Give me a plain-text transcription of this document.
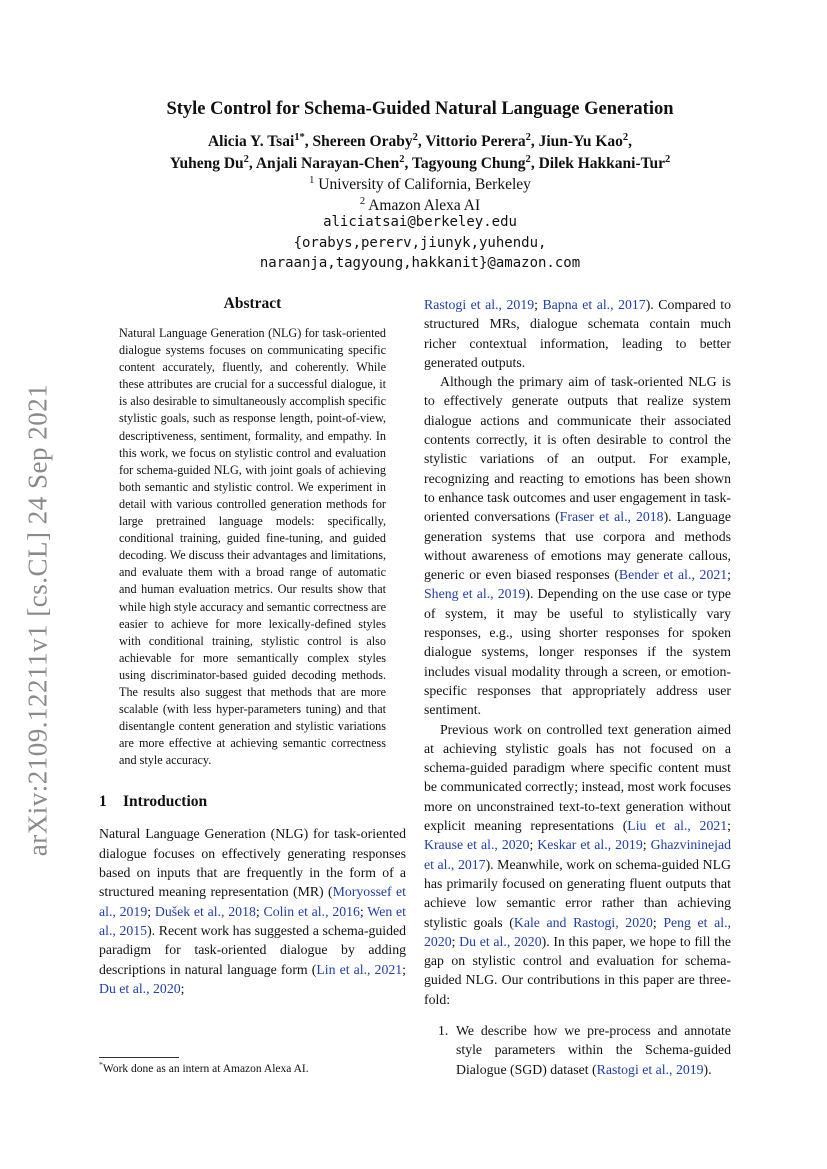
arXiv:2109.12211v1 [cs.CL] 24 Sep 2021
Style Control for Schema-Guided Natural Language Generation
Alicia Y. Tsai$^{1*}$, Shereen Oraby$^2$, Vittorio Perera$^2$, Jiun-Yu Kao$^2$,
Yuheng Du$^2$, Anjali Narayan-Chen$^2$, Tagyoung Chung$^2$, Dilek Hakkani-Tur$^2$
$^1$ University of California, Berkeley
$^2$ Amazon Alexa AI
aliciatsai@berkeley.edu
{orabys,pererv,jiunyk,yuhendu,
naraanja,tagyoung,hakkanit}@amazon.com
Abstract

Natural Language Generation (NLG) for task-oriented dialogue systems focuses on communicating specific content accurately, fluently, and coherently. While these attributes are crucial for a successful dialogue, it is also desirable to simultaneously accomplish specific stylistic goals, such as response length, point-of-view, descriptiveness, sentiment, formality, and empathy. In this work, we focus on stylistic control and evaluation for schema-guided NLG, with joint goals of achieving both semantic and stylistic control. We experiment in detail with various controlled generation methods for large pretrained language models: specifically, conditional training, guided fine-tuning, and guided decoding. We discuss their advantages and limitations, and evaluate them with a broad range of automatic and human evaluation metrics. Our results show that while high style accuracy and semantic correctness are easier to achieve for more lexically-defined styles with conditional training, stylistic control is also achievable for more semantically complex styles using discriminator-based guided decoding methods. The results also suggest that methods that are more scalable (with less hyper-parameters tuning) and that disentangle content generation and stylistic variations are more effective at achieving semantic correctness and style accuracy.

1 Introduction

Natural Language Generation (NLG) for task-oriented dialogue focuses on effectively generating responses based on inputs that are frequently in the form of a structured meaning representation (MR) (Moryossef et al., 2019; Dušek et al., 2018; Colin et al., 2016; Wen et al., 2015). Recent work has suggested a schema-guided paradigm for task-oriented dialogue by adding descriptions in natural language form (Lin et al., 2021; Du et al., 2020;

*Work done as an intern at Amazon Alexa AI.

Rastogi et al., 2019; Bapna et al., 2017). Compared to structured MRs, dialogue schemata contain much richer contextual information, leading to better generated outputs.

Although the primary aim of task-oriented NLG is to effectively generate outputs that realize system dialogue actions and communicate their associated contents correctly, it is often desirable to control the stylistic variations of an output. For example, recognizing and reacting to emotions has been shown to enhance task outcomes and user engagement in task-oriented conversations (Fraser et al., 2018). Language generation systems that use corpora and methods without awareness of emotions may generate callous, generic or even biased responses (Bender et al., 2021; Sheng et al., 2019). Depending on the use case or type of system, it may be useful to stylistically vary responses, e.g., using shorter responses for spoken dialogue systems, longer responses if the system includes visual modality through a screen, or emotion-specific responses that appropriately address user sentiment.

Previous work on controlled text generation aimed at achieving stylistic goals has not focused on a schema-guided paradigm where specific content must be communicated correctly; instead, most work focuses more on unconstrained text-to-text generation without explicit meaning representations (Liu et al., 2021; Krause et al., 2020; Keskar et al., 2019; Ghazvininejad et al., 2017). Meanwhile, work on schema-guided NLG has primarily focused on generating fluent outputs that achieve low semantic error rather than achieving stylistic goals (Kale and Rastogi, 2020; Peng et al., 2020; Du et al., 2020). In this paper, we hope to fill the gap on stylistic control and evaluation for schema-guided NLG. Our contributions in this paper are three-fold:

1. We describe how we pre-process and annotate style parameters within the Schema-guided Dialogue (SGD) dataset (Rastogi et al., 2019).
